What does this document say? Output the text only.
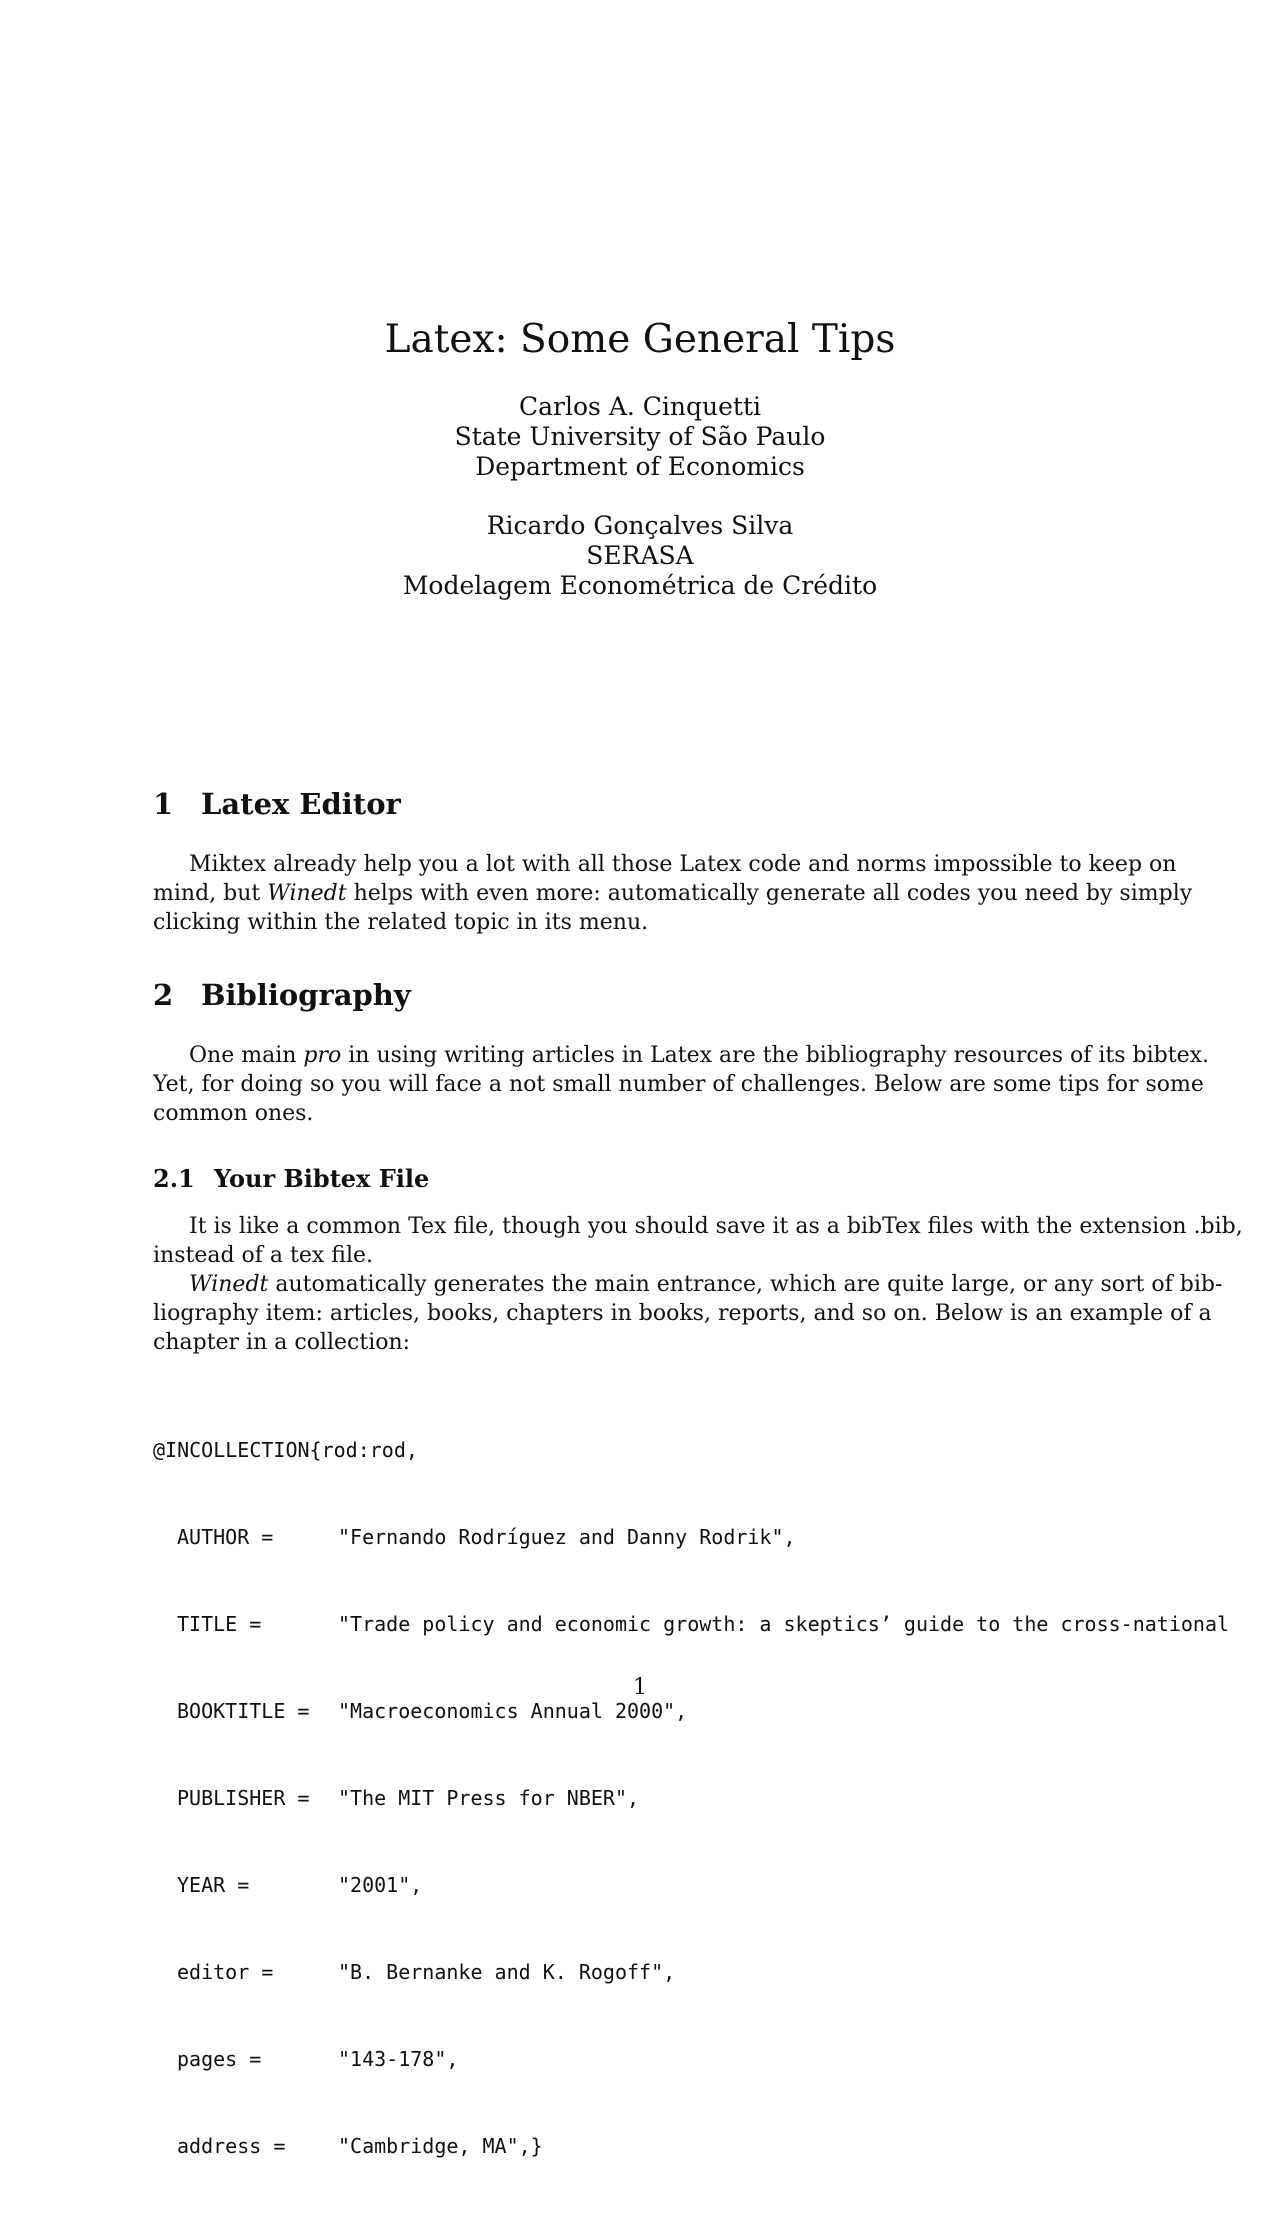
Latex: Some General Tips
Carlos A. Cinquetti
State University of São Paulo
Department of Economics
Ricardo Gonçalves Silva
SERASA
Modelagem Econométrica de Crédito
1 Latex Editor
Miktex already help you a lot with all those Latex code and norms impossible to keep on
mind, but Winedt helps with even more: automatically generate all codes you need by simply
clicking within the related topic in its menu.
2 Bibliography
One main pro in using writing articles in Latex are the bibliography resources of its bibtex.
Yet, for doing so you will face a not small number of challenges. Below are some tips for some
common ones.
2.1 Your Bibtex File
It is like a common Tex file, though you should save it as a bibTex files with the extension .bib,
instead of a tex file.
Winedt automatically generates the main entrance, which are quite large, or any sort of bib-
liography item: articles, books, chapters in books, reports, and so on. Below is an example of a
chapter in a collection:

@INCOLLECTION{rod:rod,

AUTHOR =	"Fernando Rodríguez and Danny Rodrik",

TITLE =	"Trade policy and economic growth: a skeptics’ guide to the cross-national

BOOKTITLE = "Macroeconomics Annual 2000",

PUBLISHER = "The MIT Press for NBER",

YEAR =	"2001",

editor =	"B. Bernanke and K. Rogoff",

pages =	"143-178",

address =	"Cambridge, MA",}

1
